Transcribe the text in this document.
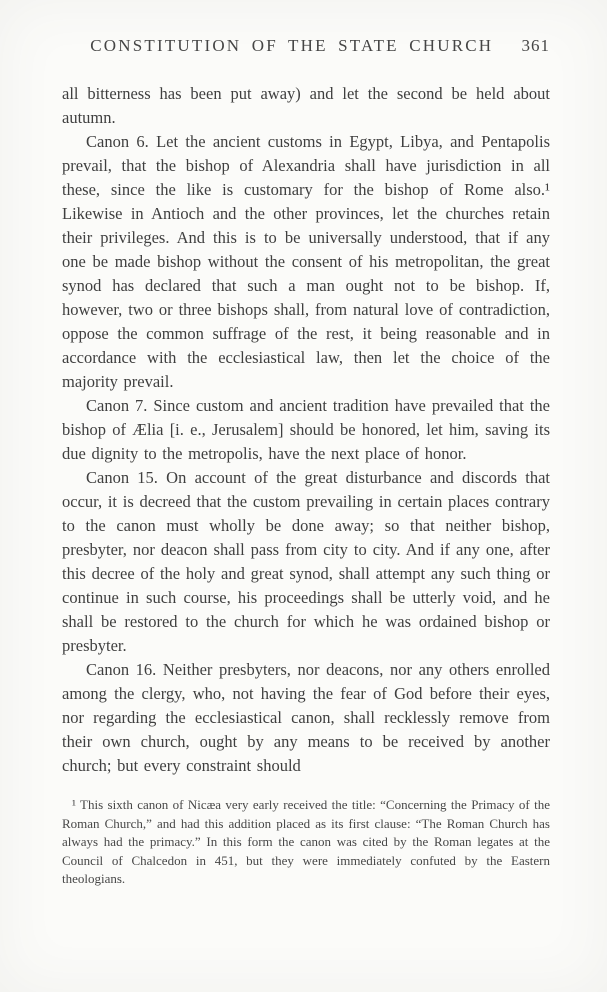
CONSTITUTION OF THE STATE CHURCH	361

all bitterness has been put away) and let the second be held about autumn.

Canon 6. Let the ancient customs in Egypt, Libya, and Pentapolis prevail, that the bishop of Alexandria shall have jurisdiction in all these, since the like is customary for the bishop of Rome also.¹ Likewise in Antioch and the other provinces, let the churches retain their privileges. And this is to be universally understood, that if any one be made bishop without the consent of his metropolitan, the great synod has declared that such a man ought not to be bishop. If, however, two or three bishops shall, from natural love of contradiction, oppose the common suffrage of the rest, it being reasonable and in accordance with the ecclesiastical law, then let the choice of the majority prevail.

Canon 7. Since custom and ancient tradition have prevailed that the bishop of Ælia [i. e., Jerusalem] should be honored, let him, saving its due dignity to the metropolis, have the next place of honor.

Canon 15. On account of the great disturbance and discords that occur, it is decreed that the custom prevailing in certain places contrary to the canon must wholly be done away; so that neither bishop, presbyter, nor deacon shall pass from city to city. And if any one, after this decree of the holy and great synod, shall attempt any such thing or continue in such course, his proceedings shall be utterly void, and he shall be restored to the church for which he was ordained bishop or presbyter.

Canon 16. Neither presbyters, nor deacons, nor any others enrolled among the clergy, who, not having the fear of God before their eyes, nor regarding the ecclesiastical canon, shall recklessly remove from their own church, ought by any means to be received by another church; but every constraint should

¹ This sixth canon of Nicæa very early received the title: “Concerning the Primacy of the Roman Church,” and had this addition placed as its first clause: “The Roman Church has always had the primacy.” In this form the canon was cited by the Roman legates at the Council of Chalcedon in 451, but they were immediately confuted by the Eastern theologians.
